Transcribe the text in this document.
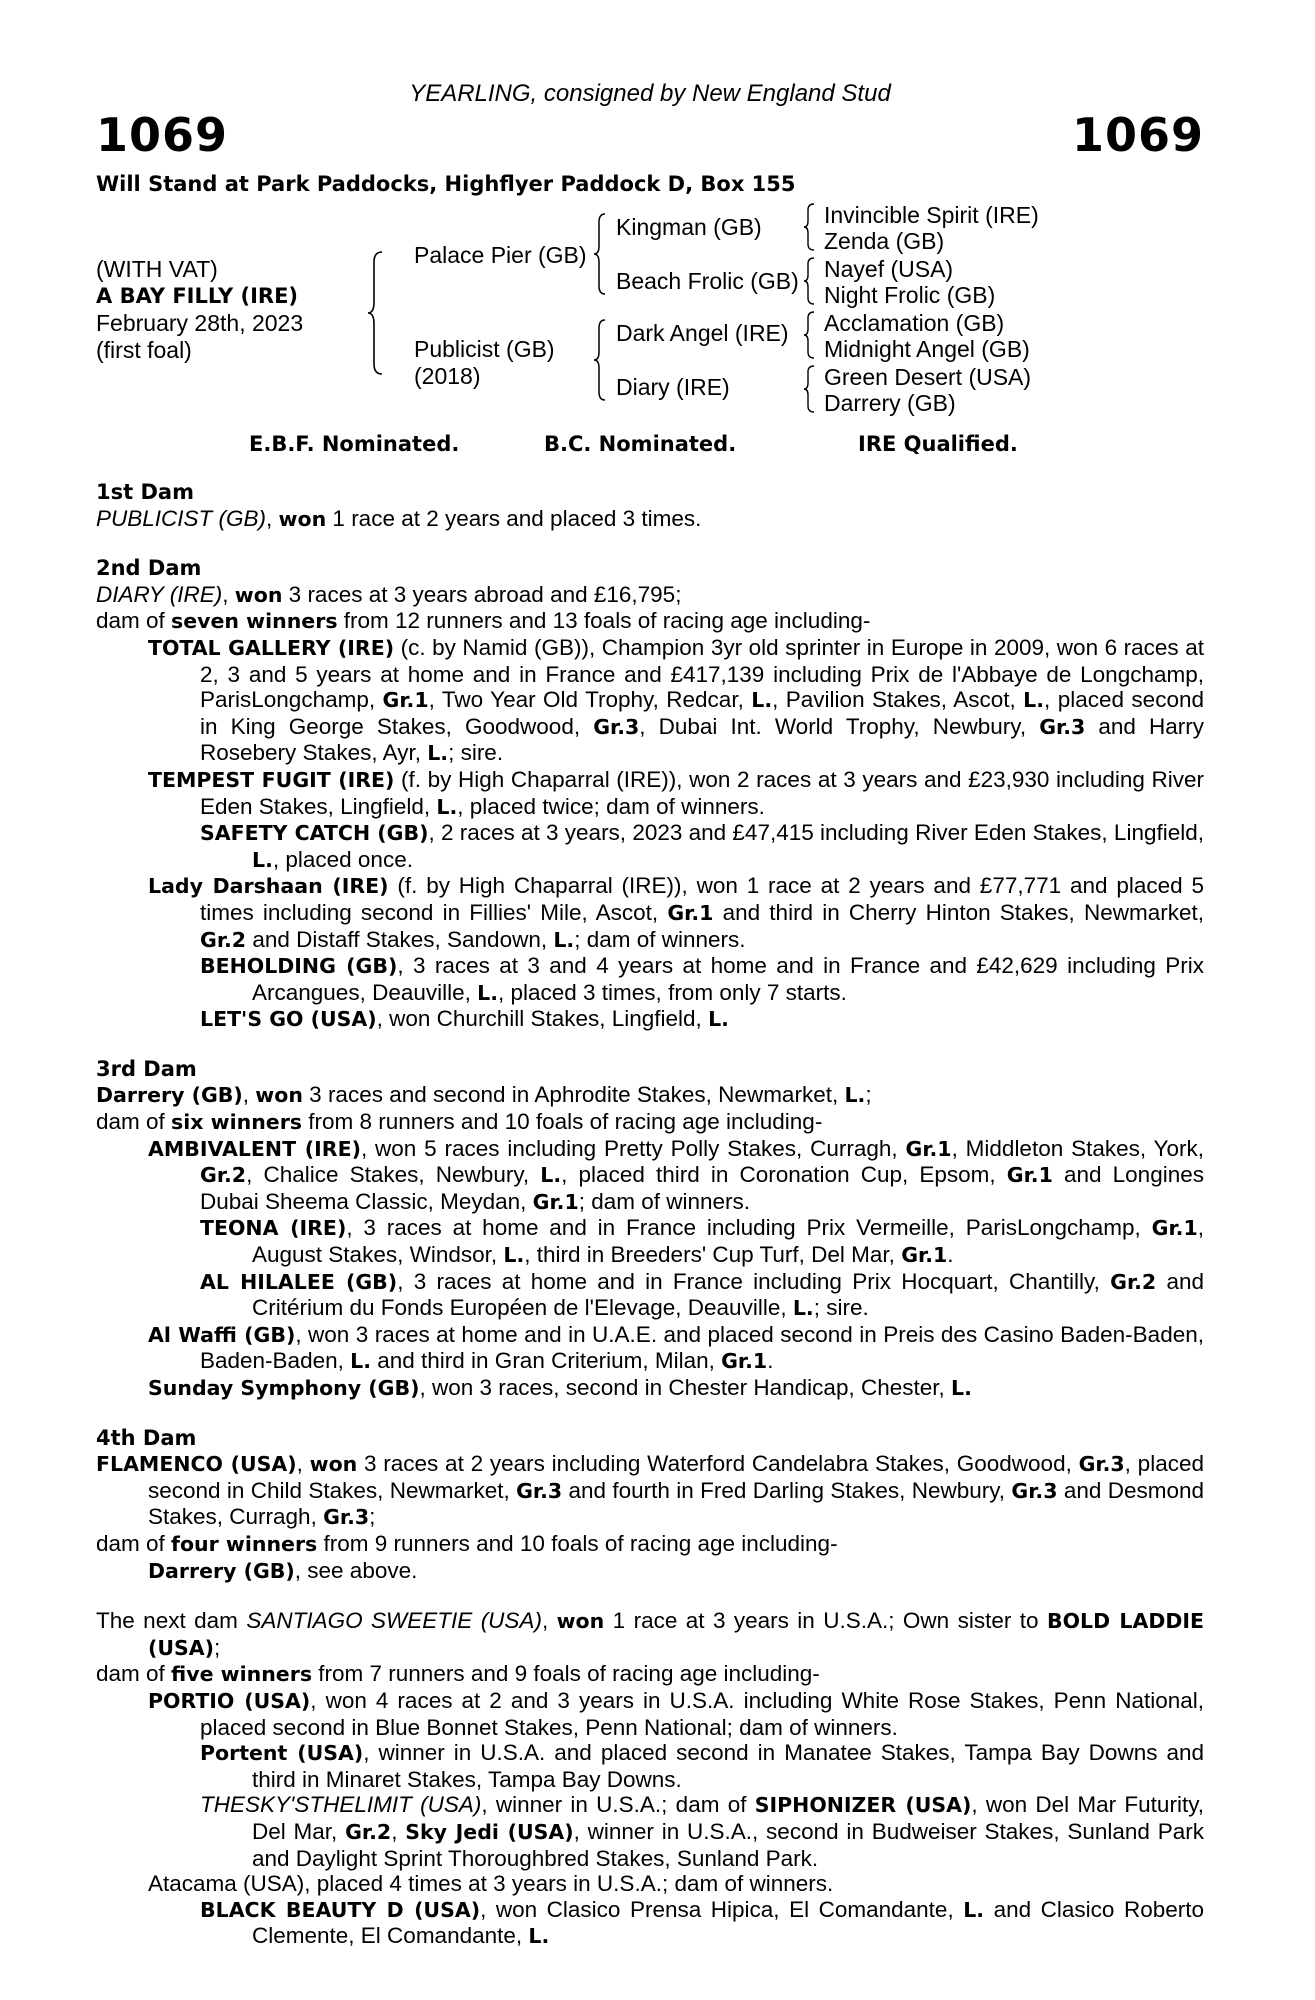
YEARLING, consigned by New England Stud
1069	1069
Will Stand at Park Paddocks, Highflyer Paddock D, Box 155
(WITH VAT)
A BAY FILLY (IRE)
February 28th, 2023
(first foal)
Palace Pier (GB)
Publicist (GB)
(2018)
Kingman (GB)
Beach Frolic (GB)
Dark Angel (IRE)
Diary (IRE)
Invincible Spirit (IRE)
Zenda (GB)
Nayef (USA)
Night Frolic (GB)
Acclamation (GB)
Midnight Angel (GB)
Green Desert (USA)
Darrery (GB)
E.B.F. Nominated.	B.C. Nominated.	IRE Qualified.

1st Dam

PUBLICIST (GB), won 1 race at 2 years and placed 3 times.

2nd Dam

DIARY (IRE), won 3 races at 3 years abroad and £16,795;

dam of seven winners from 12 runners and 13 foals of racing age including-

TOTAL GALLERY (IRE) (c. by Namid (GB)), Champion 3yr old sprinter in Europe in 2009, won 6 races at 2, 3 and 5 years at home and in France and £417,139 including Prix de l'Abbaye de Longchamp, ParisLongchamp, Gr.1, Two Year Old Trophy, Redcar, L., Pavilion Stakes, Ascot, L., placed second in King George Stakes, Goodwood, Gr.3, Dubai Int. World Trophy, Newbury, Gr.3 and Harry Rosebery Stakes, Ayr, L.; sire.

TEMPEST FUGIT (IRE) (f. by High Chaparral (IRE)), won 2 races at 3 years and £23,930 including River Eden Stakes, Lingfield, L., placed twice; dam of winners.

SAFETY CATCH (GB), 2 races at 3 years, 2023 and £47,415 including River Eden Stakes, Lingfield, L., placed once.

Lady Darshaan (IRE) (f. by High Chaparral (IRE)), won 1 race at 2 years and £77,771 and placed 5 times including second in Fillies' Mile, Ascot, Gr.1 and third in Cherry Hinton Stakes, Newmarket, Gr.2 and Distaff Stakes, Sandown, L.; dam of winners.

BEHOLDING (GB), 3 races at 3 and 4 years at home and in France and £42,629 including Prix Arcangues, Deauville, L., placed 3 times, from only 7 starts.

LET'S GO (USA), won Churchill Stakes, Lingfield, L.

3rd Dam

Darrery (GB), won 3 races and second in Aphrodite Stakes, Newmarket, L.;

dam of six winners from 8 runners and 10 foals of racing age including-

AMBIVALENT (IRE), won 5 races including Pretty Polly Stakes, Curragh, Gr.1, Middleton Stakes, York, Gr.2, Chalice Stakes, Newbury, L., placed third in Coronation Cup, Epsom, Gr.1 and Longines Dubai Sheema Classic, Meydan, Gr.1; dam of winners.

TEONA (IRE), 3 races at home and in France including Prix Vermeille, ParisLongchamp, Gr.1, August Stakes, Windsor, L., third in Breeders' Cup Turf, Del Mar, Gr.1.

AL HILALEE (GB), 3 races at home and in France including Prix Hocquart, Chantilly, Gr.2 and Critérium du Fonds Européen de l'Elevage, Deauville, L.; sire.

Al Waffi (GB), won 3 races at home and in U.A.E. and placed second in Preis des Casino Baden-Baden, Baden-Baden, L. and third in Gran Criterium, Milan, Gr.1.

Sunday Symphony (GB), won 3 races, second in Chester Handicap, Chester, L.

4th Dam

FLAMENCO (USA), won 3 races at 2 years including Waterford Candelabra Stakes, Goodwood, Gr.3, placed second in Child Stakes, Newmarket, Gr.3 and fourth in Fred Darling Stakes, Newbury, Gr.3 and Desmond Stakes, Curragh, Gr.3;

dam of four winners from 9 runners and 10 foals of racing age including-

Darrery (GB), see above.

The next dam SANTIAGO SWEETIE (USA), won 1 race at 3 years in U.S.A.; Own sister to BOLD LADDIE (USA);

dam of five winners from 7 runners and 9 foals of racing age including-

PORTIO (USA), won 4 races at 2 and 3 years in U.S.A. including White Rose Stakes, Penn National, placed second in Blue Bonnet Stakes, Penn National; dam of winners.

Portent (USA), winner in U.S.A. and placed second in Manatee Stakes, Tampa Bay Downs and third in Minaret Stakes, Tampa Bay Downs.

THESKY'STHELIMIT (USA), winner in U.S.A.; dam of SIPHONIZER (USA), won Del Mar Futurity, Del Mar, Gr.2, Sky Jedi (USA), winner in U.S.A., second in Budweiser Stakes, Sunland Park and Daylight Sprint Thoroughbred Stakes, Sunland Park.

Atacama (USA), placed 4 times at 3 years in U.S.A.; dam of winners.

BLACK BEAUTY D (USA), won Clasico Prensa Hipica, El Comandante, L. and Clasico Roberto Clemente, El Comandante, L.
